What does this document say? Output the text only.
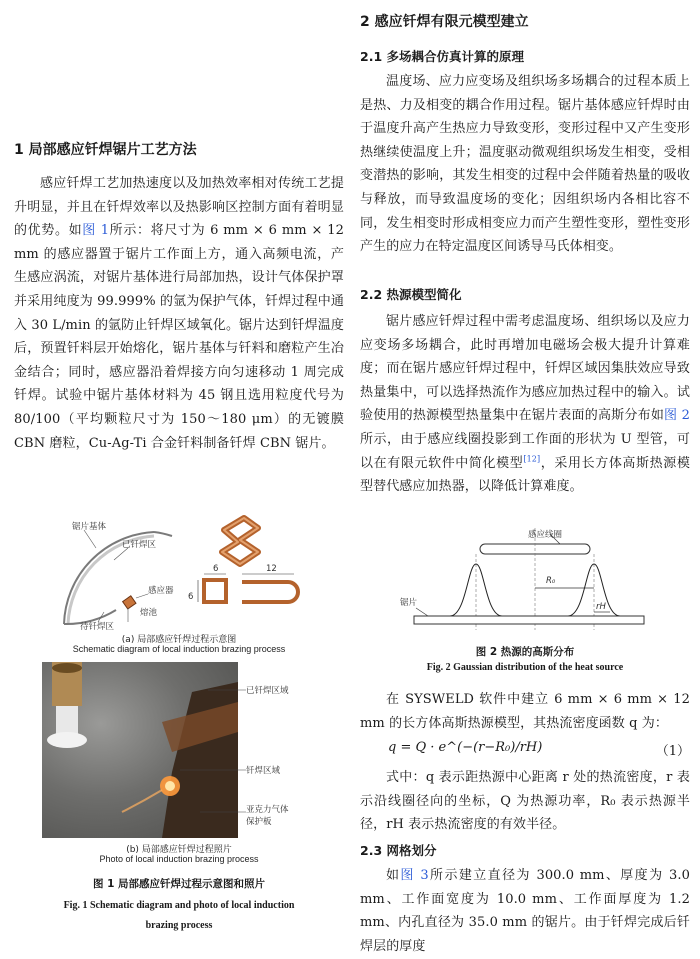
1 局部感应钎焊锯片工艺方法
感应钎焊工艺加热速度以及加热效率相对传统工艺提升明显，并且在钎焊效率以及热影响区控制方面有着明显的优势。如图 1所示：将尺寸为 6 mm × 6 mm × 12 mm 的感应器置于锯片工作面上方，通入高频电流，产生感应涡流，对锯片基体进行局部加热，设计气体保护罩并采用纯度为 99.999% 的氩为保护气体，钎焊过程中通入 30 L/min 的氩防止钎焊区域氧化。锯片达到钎焊温度后，预置钎料层开始熔化，锯片基体与钎料和磨粒产生冶金结合；同时，感应器沿着焊接方向匀速移动 1 周完成钎焊。试验中锯片基体材料为 45 钢且选用粒度代号为 80/100（平均颗粒尺寸为 150～180 μm）的无镀膜 CBN 磨粒，Cu-Ag-Ti 合金钎料制备钎焊 CBN 锯片。
锯片基体
已钎焊区
感应器
熔池
待钎焊区
6	12
6
(a) 局部感应钎焊过程示意图
Schematic diagram of local induction brazing process
已钎焊区域
钎焊区域
亚克力气体
保护板
(b) 局部感应钎焊过程照片
Photo of local induction brazing process
图 1 局部感应钎焊过程示意图和照片
Fig. 1 Schematic diagram and photo of local induction
brazing process
2 感应钎焊有限元模型建立
2.1 多场耦合仿真计算的原理
温度场、应力应变场及组织场多场耦合的过程本质上是热、力及相变的耦合作用过程。锯片基体感应钎焊时由于温度升高产生热应力导致变形，变形过程中又产生变形热继续使温度上升；温度驱动微观组织场发生相变，受相变潜热的影响，其发生相变的过程中会伴随着热量的吸收与释放，而导致温度场的变化；因组织场内各相比容不同，发生相变时形成相变应力而产生塑性变形，塑性变形产生的应力在特定温度区间诱导马氏体相变。
2.2 热源模型简化
锯片感应钎焊过程中需考虑温度场、组织场以及应力应变场多场耦合，此时再增加电磁场会极大提升计算难度；而在锯片感应钎焊过程中，钎焊区域因集肤效应导致热量集中，可以选择热流作为感应加热过程中的输入。试验使用的热源模型热量集中在锯片表面的高斯分布如图 2所示，由于感应线圈投影到工作面的形状为 U 型管，可以在有限元软件中简化模型[12]，采用长方体高斯热源模型替代感应加热器，以降低计算难度。
感应线圈
R₀
锯片	rH
图 2 热源的高斯分布
Fig. 2 Gaussian distribution of the heat source
在 SYSWELD 软件中建立 6 mm × 6 mm × 12 mm 的长方体高斯热源模型，其热流密度函数 q 为：
q = Q · e^(−(r−R₀)/rH)	（1）
式中：q 表示距热源中心距离 r 处的热流密度，r 表示沿线圈径向的坐标，Q 为热源功率，R₀ 表示热源半径，rH 表示热流密度的有效半径。
2.3 网格划分
如图 3所示建立直径为 300.0 mm、厚度为 3.0 mm、工作面宽度为 10.0 mm、工作面厚度为 1.2 mm、内孔直径为 35.0 mm 的锯片。由于钎焊完成后钎焊层的厚度
